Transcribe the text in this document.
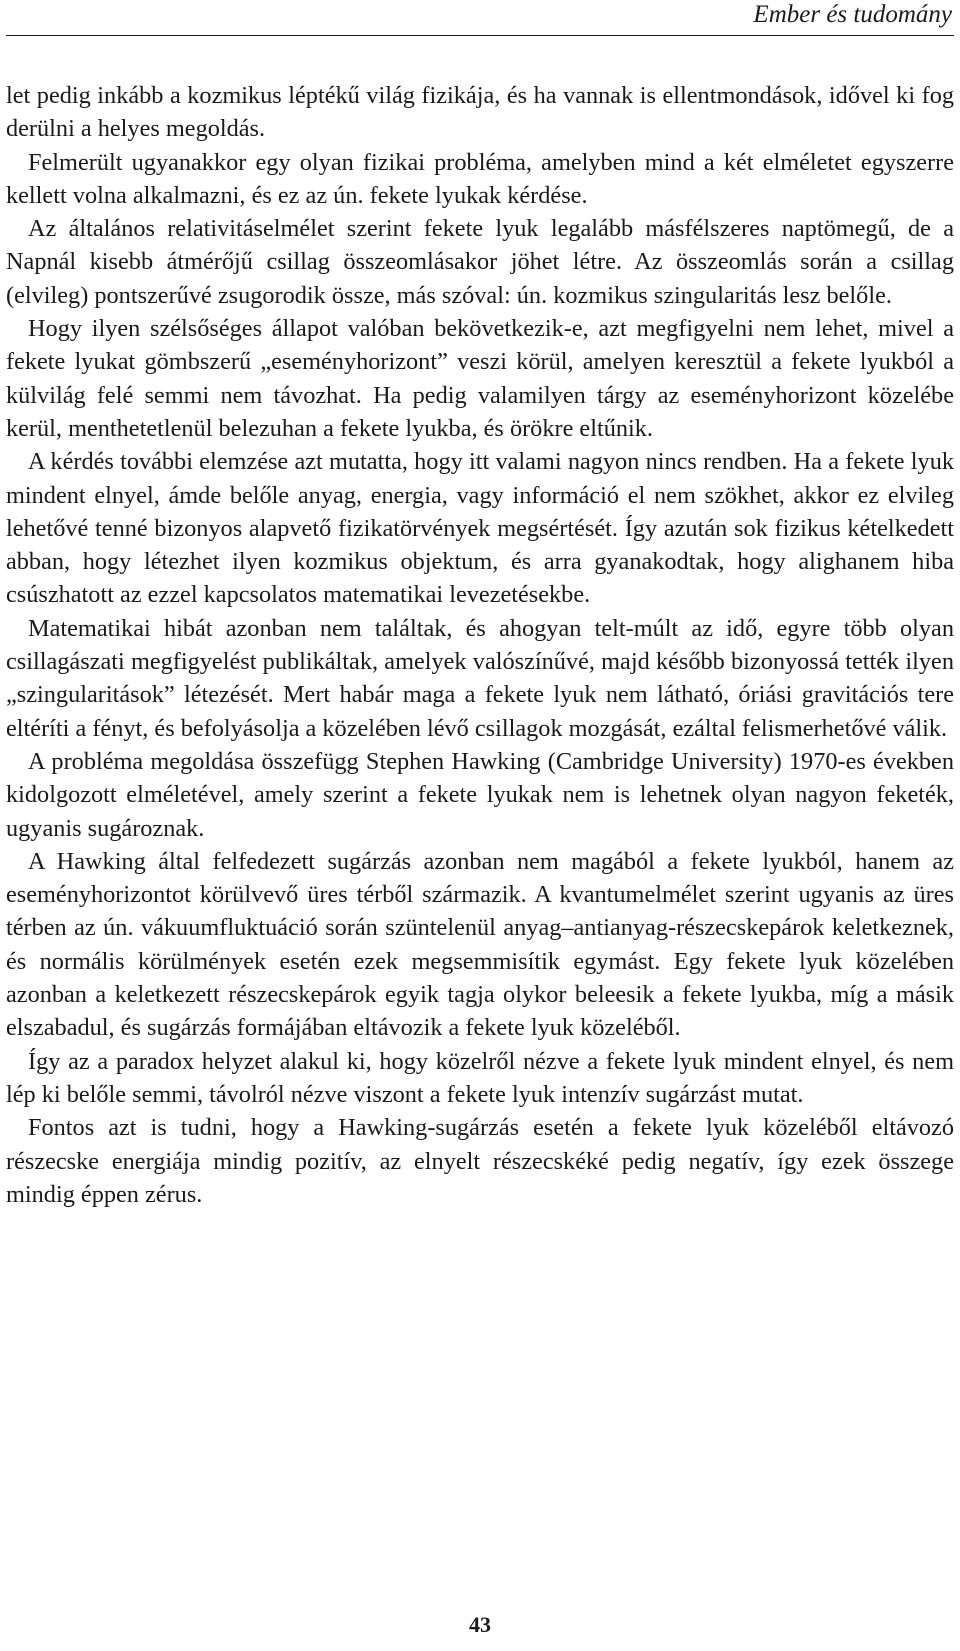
Ember és tudomány

let pedig inkább a kozmikus léptékű világ fizikája, és ha vannak is ellentmondások, idővel ki fog derülni a helyes megoldás.

Felmerült ugyanakkor egy olyan fizikai probléma, amelyben mind a két elméletet egyszerre kellett volna alkalmazni, és ez az ún. fekete lyukak kérdése.

Az általános relativitáselmélet szerint fekete lyuk legalább másfélszeres naptömegű, de a Napnál kisebb átmérőjű csillag összeomlásakor jöhet létre. Az összeomlás során a csillag (elvileg) pontszerűvé zsugorodik össze, más szóval: ún. kozmikus szingularitás lesz belőle.

Hogy ilyen szélsőséges állapot valóban bekövetkezik-e, azt megfigyelni nem lehet, mivel a fekete lyukat gömbszerű „eseményhorizont” veszi körül, amelyen keresztül a fekete lyukból a külvilág felé semmi nem távozhat. Ha pedig valamilyen tárgy az eseményhorizont közelébe kerül, menthetetlenül belezuhan a fekete lyukba, és örökre eltűnik.

A kérdés további elemzése azt mutatta, hogy itt valami nagyon nincs rendben. Ha a fekete lyuk mindent elnyel, ámde belőle anyag, energia, vagy információ el nem szökhet, akkor ez elvileg lehetővé tenné bizonyos alapvető fizikatörvények megsértését. Így azután sok fizikus kételkedett abban, hogy létezhet ilyen kozmikus objektum, és arra gyanakodtak, hogy alighanem hiba csúszhatott az ezzel kapcsolatos matematikai levezetésekbe.

Matematikai hibát azonban nem találtak, és ahogyan telt-múlt az idő, egyre több olyan csillagászati megfigyelést publikáltak, amelyek valószínűvé, majd később bizonyossá tették ilyen „szingularitások” létezését. Mert habár maga a fekete lyuk nem látható, óriási gravitációs tere eltéríti a fényt, és befolyásolja a közelében lévő csillagok mozgását, ezáltal felismerhetővé válik.

A probléma megoldása összefügg Stephen Hawking (Cambridge University) 1970-es években kidolgozott elméletével, amely szerint a fekete lyukak nem is lehetnek olyan nagyon feketék, ugyanis sugároznak.

A Hawking által felfedezett sugárzás azonban nem magából a fekete lyukból, hanem az eseményhorizontot körülvevő üres térből származik. A kvantumelmélet szerint ugyanis az üres térben az ún. vákuumfluktuáció során szüntelenül anyag–antianyag-részecskepárok keletkeznek, és normális körülmények esetén ezek megsemmisítik egymást. Egy fekete lyuk közelében azonban a keletkezett részecskepárok egyik tagja olykor beleesik a fekete lyukba, míg a másik elszabadul, és sugárzás formájában eltávozik a fekete lyuk közeléből.

Így az a paradox helyzet alakul ki, hogy közelről nézve a fekete lyuk mindent elnyel, és nem lép ki belőle semmi, távolról nézve viszont a fekete lyuk intenzív sugárzást mutat.

Fontos azt is tudni, hogy a Hawking-sugárzás esetén a fekete lyuk közeléből eltávozó részecske energiája mindig pozitív, az elnyelt részecskéké pedig negatív, így ezek összege mindig éppen zérus.

43
